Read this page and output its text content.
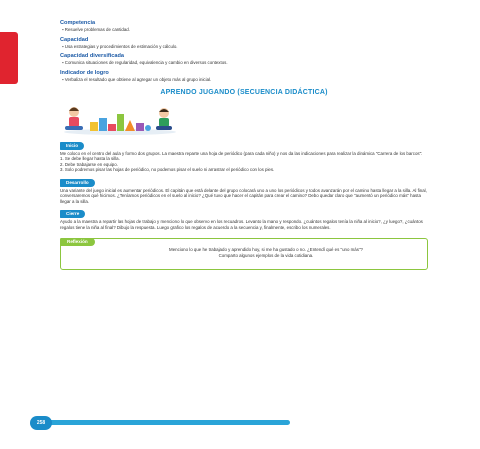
Competencia

▪ Resuelve problemas de cantidad.

Capacidad

▪ Usa estrategias y procedimientos de estimación y cálculo.

Capacidad diversificada

▪ Comunica situaciones de regularidad, equivalencia y cambio en diversos contextos.

Indicador de logro

▪ Verbaliza el resultado que obtiene al agregar un objeto más al grupo inicial.

APRENDO JUGANDO (SECUENCIA DIDÁCTICA)
Inicio

Me coloco en el centro del aula y formo dos grupos. La maestra reparte una hoja de periódico (para cada niño) y nos da las indicaciones para realizar la dinámica "Carrera de los barcos":

1. Se debe llegar hasta la silla.

2. Debe trabajarse en equipo.

3. Solo podremos pisar las hojas de periódico, no podemos pisar el suelo ni arrastrar el periódico con los pies.

Desarrollo

Una variante del juego inicial es aumentar periódicos. El capitán que está delante del grupo colocará uno a uno los periódicos y todos avanzarán por el camino hasta llegar a la silla. Al final, conversaremos qué hicimos. ¿Teníamos periódicos en el suelo al inicio? ¿Qué tuvo que hacer el capitán para crear el camino? Debo quedar claro que "aumentó un periódico más" hasta llegar a la silla.

Cierre

Ayudo a la maestra a repartir las hojas de trabajo y menciono lo que observo en los recuadros. Levanto la mano y respondo. ¿cuántos regalos tenía la niña al inicio?, ¿y luego?, ¿cuántos regalos tiene la niña al final? Dibujo la respuesta. Luego grafico los regalos de acuerdo a la secuencia y, finalmente, escribo los numerales.

Reflexión

Menciono lo que he trabajado y aprendido hoy, si me ha gustado o no. ¿Entendí qué es "uno más"?

Comparto algunos ejemplos de la vida cotidiana.

258
